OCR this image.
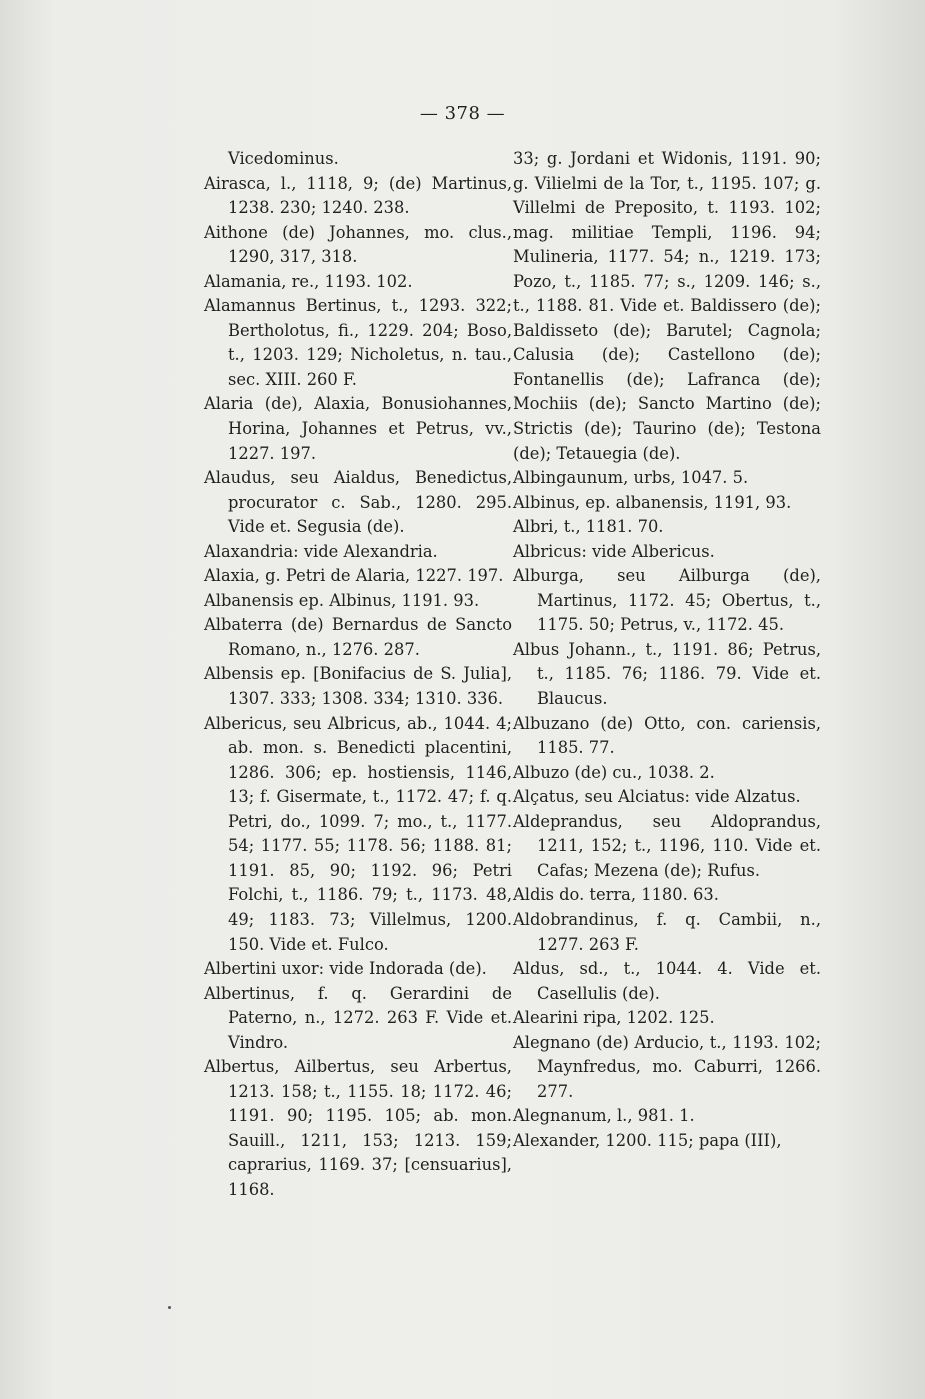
— 378 —

Vicedominus.

Airasca, l., 1118, 9; (de) Martinus, 1238. 230; 1240. 238.

Aithone (de) Johannes, mo. clus., 1290, 317, 318.

Alamania, re., 1193. 102.

Alamannus Bertinus, t., 1293. 322; Bertholotus, fi., 1229. 204; Boso, t., 1203. 129; Nicholetus, n. tau., sec. XIII. 260 F.

Alaria (de), Alaxia, Bonusiohannes, Horina, Johannes et Petrus, vv., 1227. 197.

Alaudus, seu Aialdus, Benedictus, procurator c. Sab., 1280. 295. Vide et. Segusia (de).

Alaxandria: vide Alexandria.

Alaxia, g. Petri de Alaria, 1227. 197.

Albanensis ep. Albinus, 1191. 93.

Albaterra (de) Bernardus de Sancto Romano, n., 1276. 287.

Albensis ep. [Bonifacius de S. Julia], 1307. 333; 1308. 334; 1310. 336.

Albericus, seu Albricus, ab., 1044. 4; ab. mon. s. Benedicti placentini, 1286. 306; ep. hostiensis, 1146, 13; f. Gisermate, t., 1172. 47; f. q. Petri, do., 1099. 7; mo., t., 1177. 54; 1177. 55; 1178. 56; 1188. 81; 1191. 85, 90; 1192. 96; Petri Folchi, t., 1186. 79; t., 1173. 48, 49; 1183. 73; Villelmus, 1200. 150. Vide et. Fulco.

Albertini uxor: vide Indorada (de).

Albertinus, f. q. Gerardini de Paterno, n., 1272. 263 F. Vide et. Vindro.

Albertus, Ailbertus, seu Arbertus, 1213. 158; t., 1155. 18; 1172. 46; 1191. 90; 1195. 105; ab. mon. Sauill., 1211, 153; 1213. 159; caprarius, 1169. 37; [censuarius], 1168.

33; g. Jordani et Widonis, 1191. 90; g. Vilielmi de la Tor, t., 1195. 107; g. Villelmi de Preposito, t. 1193. 102; mag. militiae Templi, 1196. 94; Mulineria, 1177. 54; n., 1219. 173; Pozo, t., 1185. 77; s., 1209. 146; s., t., 1188. 81. Vide et. Baldissero (de); Baldisseto (de); Barutel; Cagnola; Calusia (de); Castellono (de); Fontanellis (de); Lafranca (de); Mochiis (de); Sancto Martino (de); Strictis (de); Taurino (de); Testona (de); Tetauegia (de).

Albingaunum, urbs, 1047. 5.

Albinus, ep. albanensis, 1191, 93.

Albri, t., 1181. 70.

Albricus: vide Albericus.

Alburga, seu Ailburga (de), Martinus, 1172. 45; Obertus, t., 1175. 50; Petrus, v., 1172. 45.

Albus Johann., t., 1191. 86; Petrus, t., 1185. 76; 1186. 79. Vide et. Blaucus.

Albuzano (de) Otto, con. cariensis, 1185. 77.

Albuzo (de) cu., 1038. 2.

Alçatus, seu Alciatus: vide Alzatus.

Aldeprandus, seu Aldoprandus, 1211, 152; t., 1196, 110. Vide et. Cafas; Mezena (de); Rufus.

Aldis do. terra, 1180. 63.

Aldobrandinus, f. q. Cambii, n., 1277. 263 F.

Aldus, sd., t., 1044. 4. Vide et. Casellulis (de).

Alearini ripa, 1202. 125.

Alegnano (de) Arducio, t., 1193. 102; Maynfredus, mo. Caburri, 1266. 277.

Alegnanum, l., 981. 1.

Alexander, 1200. 115; papa (III),
